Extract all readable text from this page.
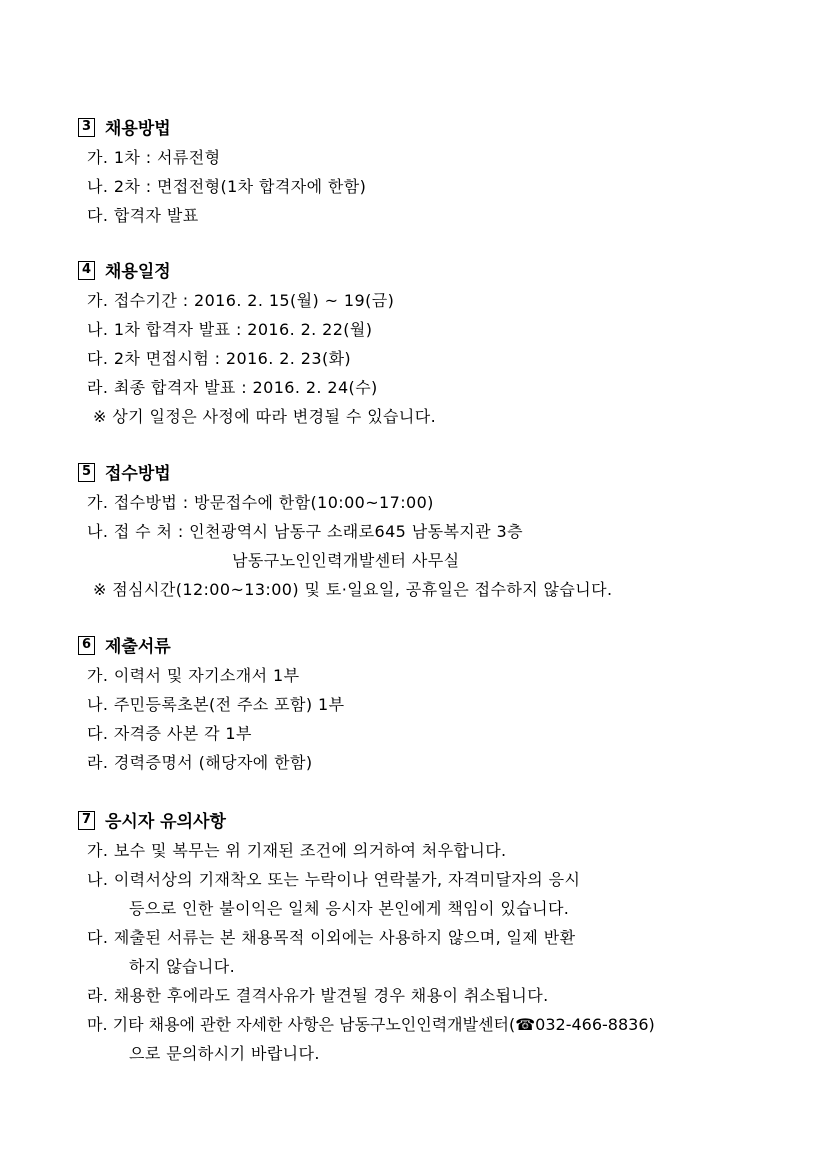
3 채용방법
가. 1차 : 서류전형
나. 2차 : 면접전형(1차 합격자에 한함)
다. 합격자 발표
4 채용일정
가. 접수기간 : 2016. 2. 15(월) ~ 19(금)
나. 1차 합격자 발표 : 2016. 2. 22(월)
다. 2차 면접시험 : 2016. 2. 23(화)
라. 최종 합격자 발표 : 2016. 2. 24(수)
※ 상기 일정은 사정에 따라 변경될 수 있습니다.
5 접수방법
가. 접수방법 : 방문접수에 한함(10:00~17:00)
나. 접 수 처 : 인천광역시 남동구 소래로645 남동복지관 3층
남동구노인인력개발센터 사무실
※ 점심시간(12:00~13:00) 및 토·일요일, 공휴일은 접수하지 않습니다.
6 제출서류
가. 이력서 및 자기소개서 1부
나. 주민등록초본(전 주소 포함) 1부
다. 자격증 사본 각 1부
라. 경력증명서 (해당자에 한함)
7 응시자 유의사항
가. 보수 및 복무는 위 기재된 조건에 의거하여 처우합니다.
나. 이력서상의 기재착오 또는 누락이나 연락불가, 자격미달자의 응시
등으로 인한 불이익은 일체 응시자 본인에게 책임이 있습니다.
다. 제출된 서류는 본 채용목적 이외에는 사용하지 않으며, 일제 반환
하지 않습니다.
라. 채용한 후에라도 결격사유가 발견될 경우 채용이 취소됩니다.
마. 기타 채용에 관한 자세한 사항은 남동구노인인력개발센터(☎032-466-8836)
으로 문의하시기 바랍니다.
